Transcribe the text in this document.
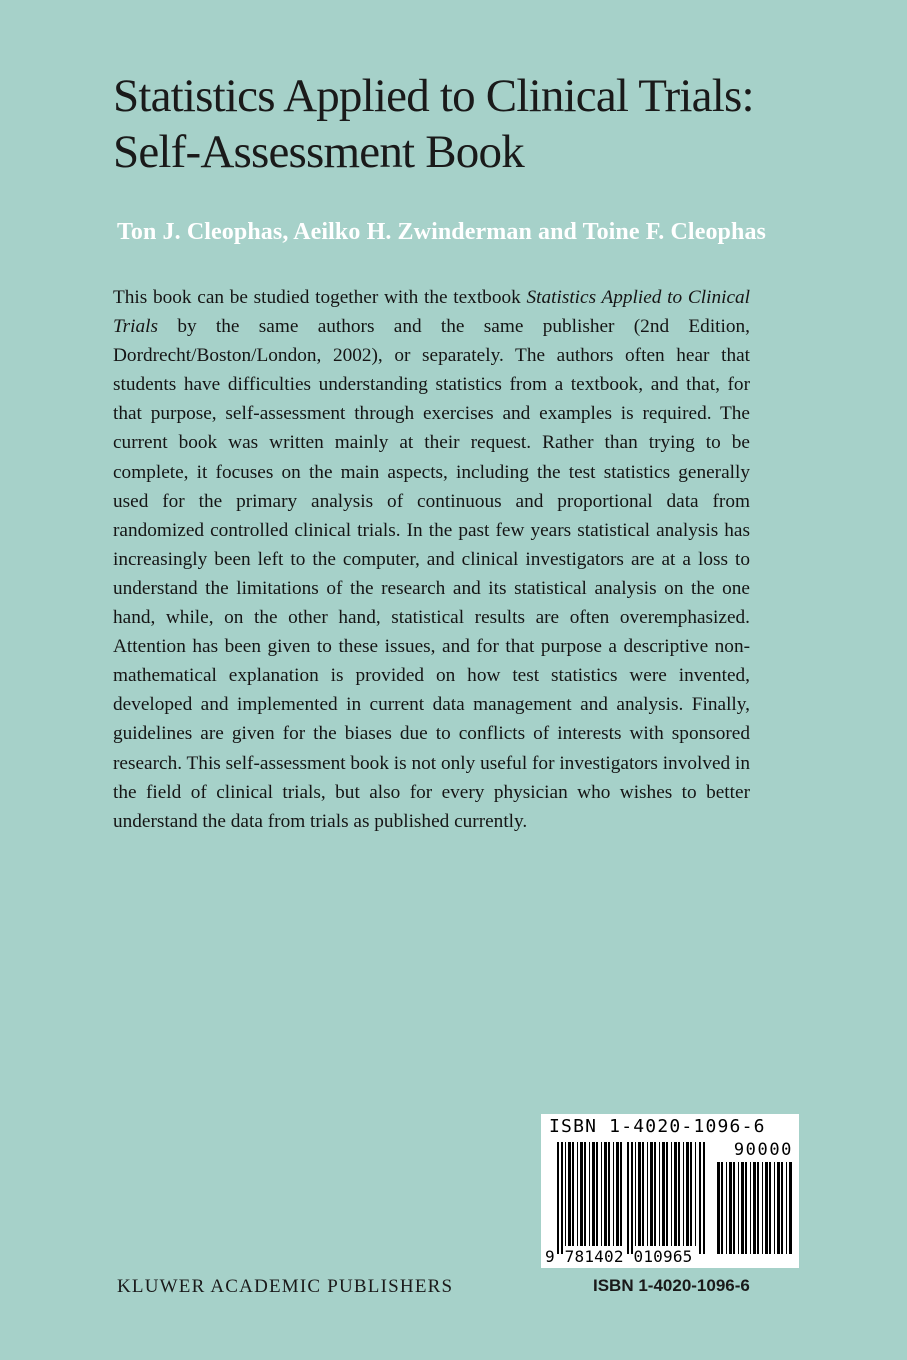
Statistics Applied to Clinical Trials:
Self-Assessment Book
Ton J. Cleophas, Aeilko H. Zwinderman and Toine F. Cleophas

This book can be studied together with the textbook Statistics Applied to Clinical Trials by the same authors and the same publisher (2nd Edition, Dordrecht/Boston/London, 2002), or separately. The authors often hear that students have difficulties understanding statistics from a textbook, and that, for that purpose, self-assessment through exercises and examples is required. The current book was written mainly at their request. Rather than trying to be complete, it focuses on the main aspects, including the test statistics generally used for the primary analysis of continuous and proportional data from randomized controlled clinical trials. In the past few years statistical analysis has increasingly been left to the computer, and clinical investigators are at a loss to understand the limitations of the research and its statistical analysis on the one hand, while, on the other hand, statistical results are often overemphasized. Attention has been given to these issues, and for that purpose a descriptive non-mathematical explanation is provided on how test statistics were invented, developed and implemented in current data management and analysis. Finally, guidelines are given for the biases due to conflicts of interests with sponsored research. This self-assessment book is not only useful for investigators involved in the field of clinical trials, but also for every physician who wishes to better understand the data from trials as published currently.

ISBN 1-4020-1096-6
90000
9 781402 010965
KLUWER ACADEMIC PUBLISHERS	ISBN 1-4020-1096-6
